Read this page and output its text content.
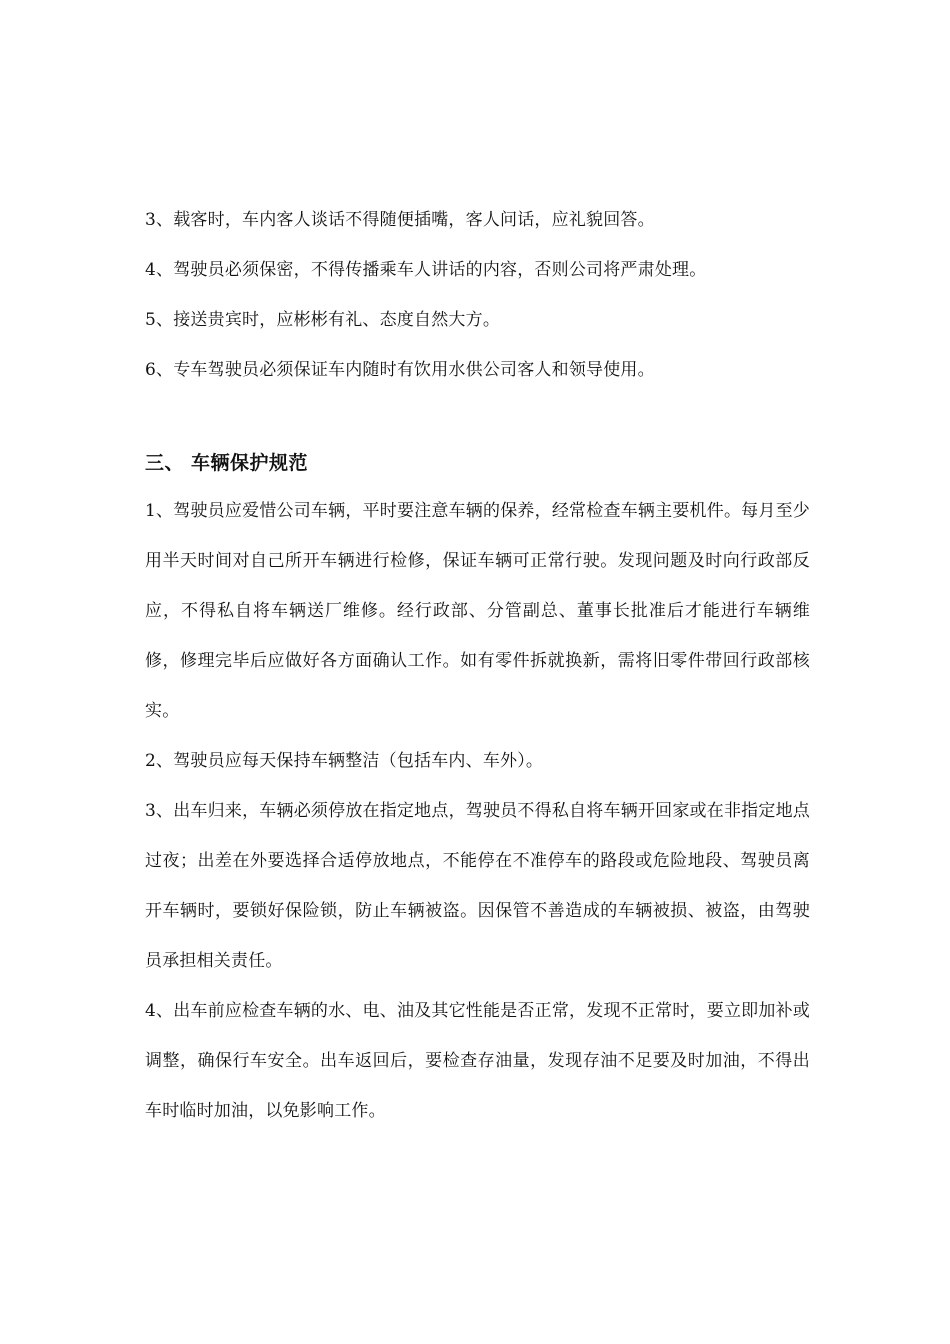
3、载客时，车内客人谈话不得随便插嘴，客人问话，应礼貌回答。

4、驾驶员必须保密，不得传播乘车人讲话的内容，否则公司将严肃处理。

5、接送贵宾时，应彬彬有礼、态度自然大方。

6、专车驾驶员必须保证车内随时有饮用水供公司客人和领导使用。

三、 车辆保护规范

1、驾驶员应爱惜公司车辆，平时要注意车辆的保养，经常检查车辆主要机件。每月至少用半天时间对自己所开车辆进行检修，保证车辆可正常行驶。发现问题及时向行政部反应，不得私自将车辆送厂维修。经行政部、分管副总、董事长批准后才能进行车辆维修，修理完毕后应做好各方面确认工作。如有零件拆就换新，需将旧零件带回行政部核实。

2、驾驶员应每天保持车辆整洁（包括车内、车外）。

3、出车归来，车辆必须停放在指定地点，驾驶员不得私自将车辆开回家或在非指定地点过夜；出差在外要选择合适停放地点，不能停在不准停车的路段或危险地段、驾驶员离开车辆时，要锁好保险锁，防止车辆被盗。因保管不善造成的车辆被损、被盗，由驾驶员承担相关责任。

4、出车前应检查车辆的水、电、油及其它性能是否正常，发现不正常时，要立即加补或调整，确保行车安全。出车返回后，要检查存油量，发现存油不足要及时加油，不得出车时临时加油，以免影响工作。
